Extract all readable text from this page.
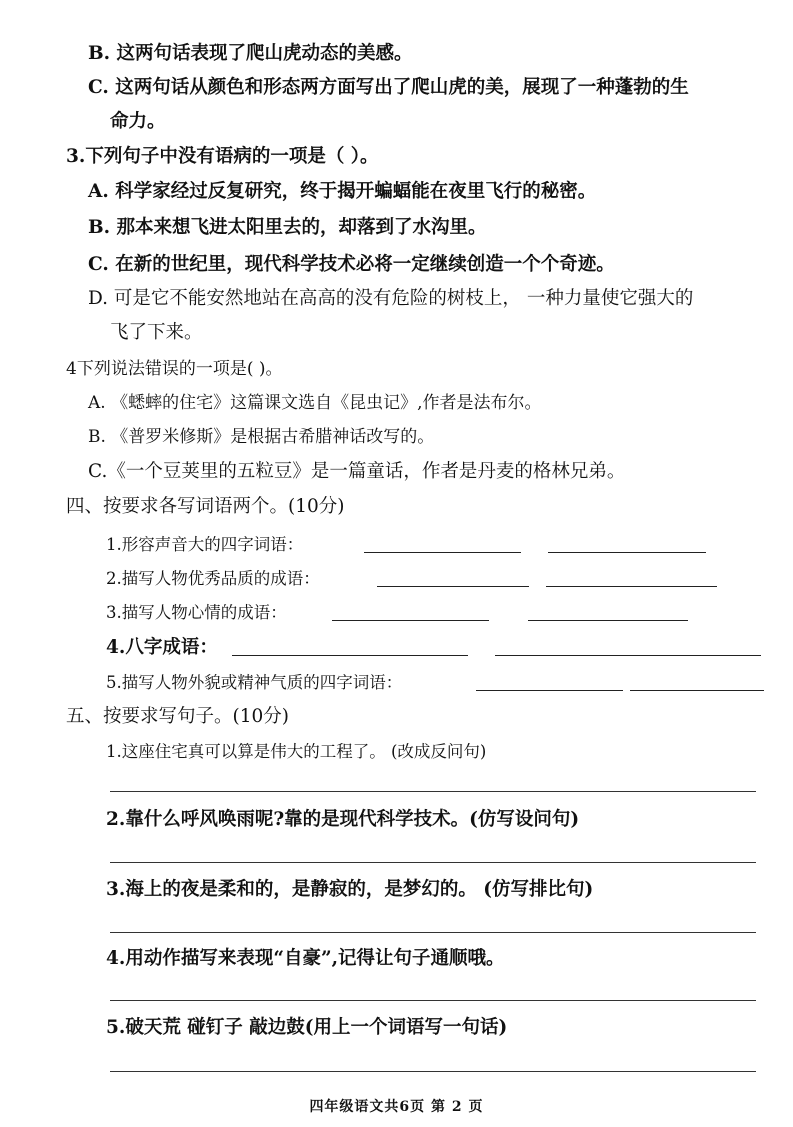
B. 这两句话表现了爬山虎动态的美感。
C. 这两句话从颜色和形态两方面写出了爬山虎的美，展现了一种蓬勃的生
命力。
3.下列句子中没有语病的一项是（ ）。
A. 科学家经过反复研究，终于揭开蝙蝠能在夜里飞行的秘密。
B. 那本来想飞进太阳里去的，却落到了水沟里。
C. 在新的世纪里，现代科学技术必将一定继续创造一个个奇迹。
D. 可是它不能安然地站在高高的没有危险的树枝上， 一种力量使它强大的
飞了下来。
4下列说法错误的一项是( )。
A. 《蟋蟀的住宅》这篇课文选自《昆虫记》,作者是法布尔。
B. 《普罗米修斯》是根据古希腊神话改写的。
C.《一个豆荚里的五粒豆》是一篇童话，作者是丹麦的格林兄弟。
四、按要求各写词语两个。(10分)
1.形容声音大的四字词语：
2.描写人物优秀品质的成语：
3.描写人物心情的成语：
4.八字成语：
5.描写人物外貌或精神气质的四字词语：
五、按要求写句子。(10分)
1.这座住宅真可以算是伟大的工程了。 (改成反问句)
2.靠什么呼风唤雨呢?靠的是现代科学技术。(仿写设问句)
3.海上的夜是柔和的，是静寂的，是梦幻的。 (仿写排比句)
4.用动作描写来表现“自豪”,记得让句子通顺哦。
5.破天荒 碰钉子 敲边鼓(用上一个词语写一句话)
四年级语文共6页 第 2 页
